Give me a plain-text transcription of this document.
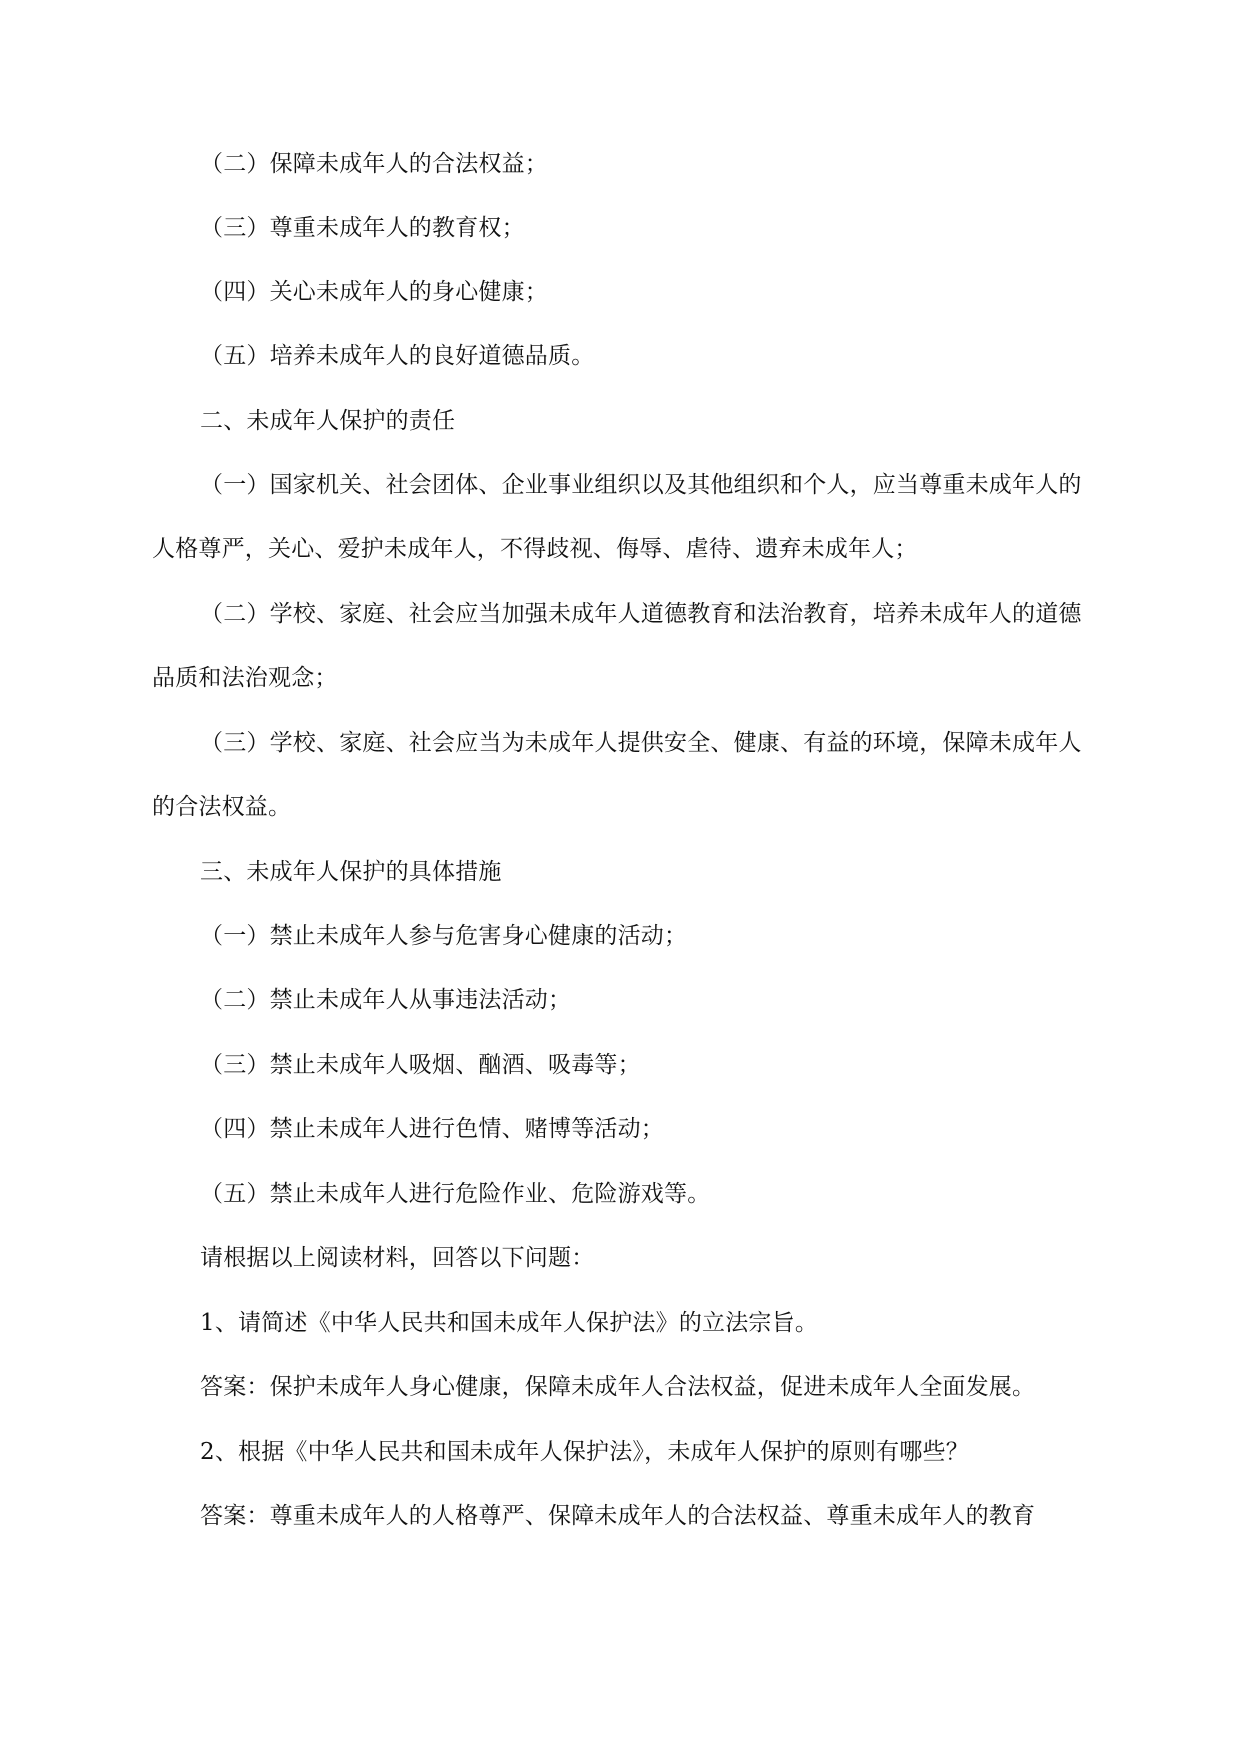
（二）保障未成年人的合法权益；

（三）尊重未成年人的教育权；

（四）关心未成年人的身心健康；

（五）培养未成年人的良好道德品质。

二、未成年人保护的责任

（一）国家机关、社会团体、企业事业组织以及其他组织和个人，应当尊重未成年人的人格尊严，关心、爱护未成年人，不得歧视、侮辱、虐待、遗弃未成年人；

（二）学校、家庭、社会应当加强未成年人道德教育和法治教育，培养未成年人的道德品质和法治观念；

（三）学校、家庭、社会应当为未成年人提供安全、健康、有益的环境，保障未成年人的合法权益。

三、未成年人保护的具体措施

（一）禁止未成年人参与危害身心健康的活动；

（二）禁止未成年人从事违法活动；

（三）禁止未成年人吸烟、酗酒、吸毒等；

（四）禁止未成年人进行色情、赌博等活动；

（五）禁止未成年人进行危险作业、危险游戏等。

请根据以上阅读材料，回答以下问题：

1、请简述《中华人民共和国未成年人保护法》的立法宗旨。

答案：保护未成年人身心健康，保障未成年人合法权益，促进未成年人全面发展。

2、根据《中华人民共和国未成年人保护法》，未成年人保护的原则有哪些？

答案：尊重未成年人的人格尊严、保障未成年人的合法权益、尊重未成年人的教育
